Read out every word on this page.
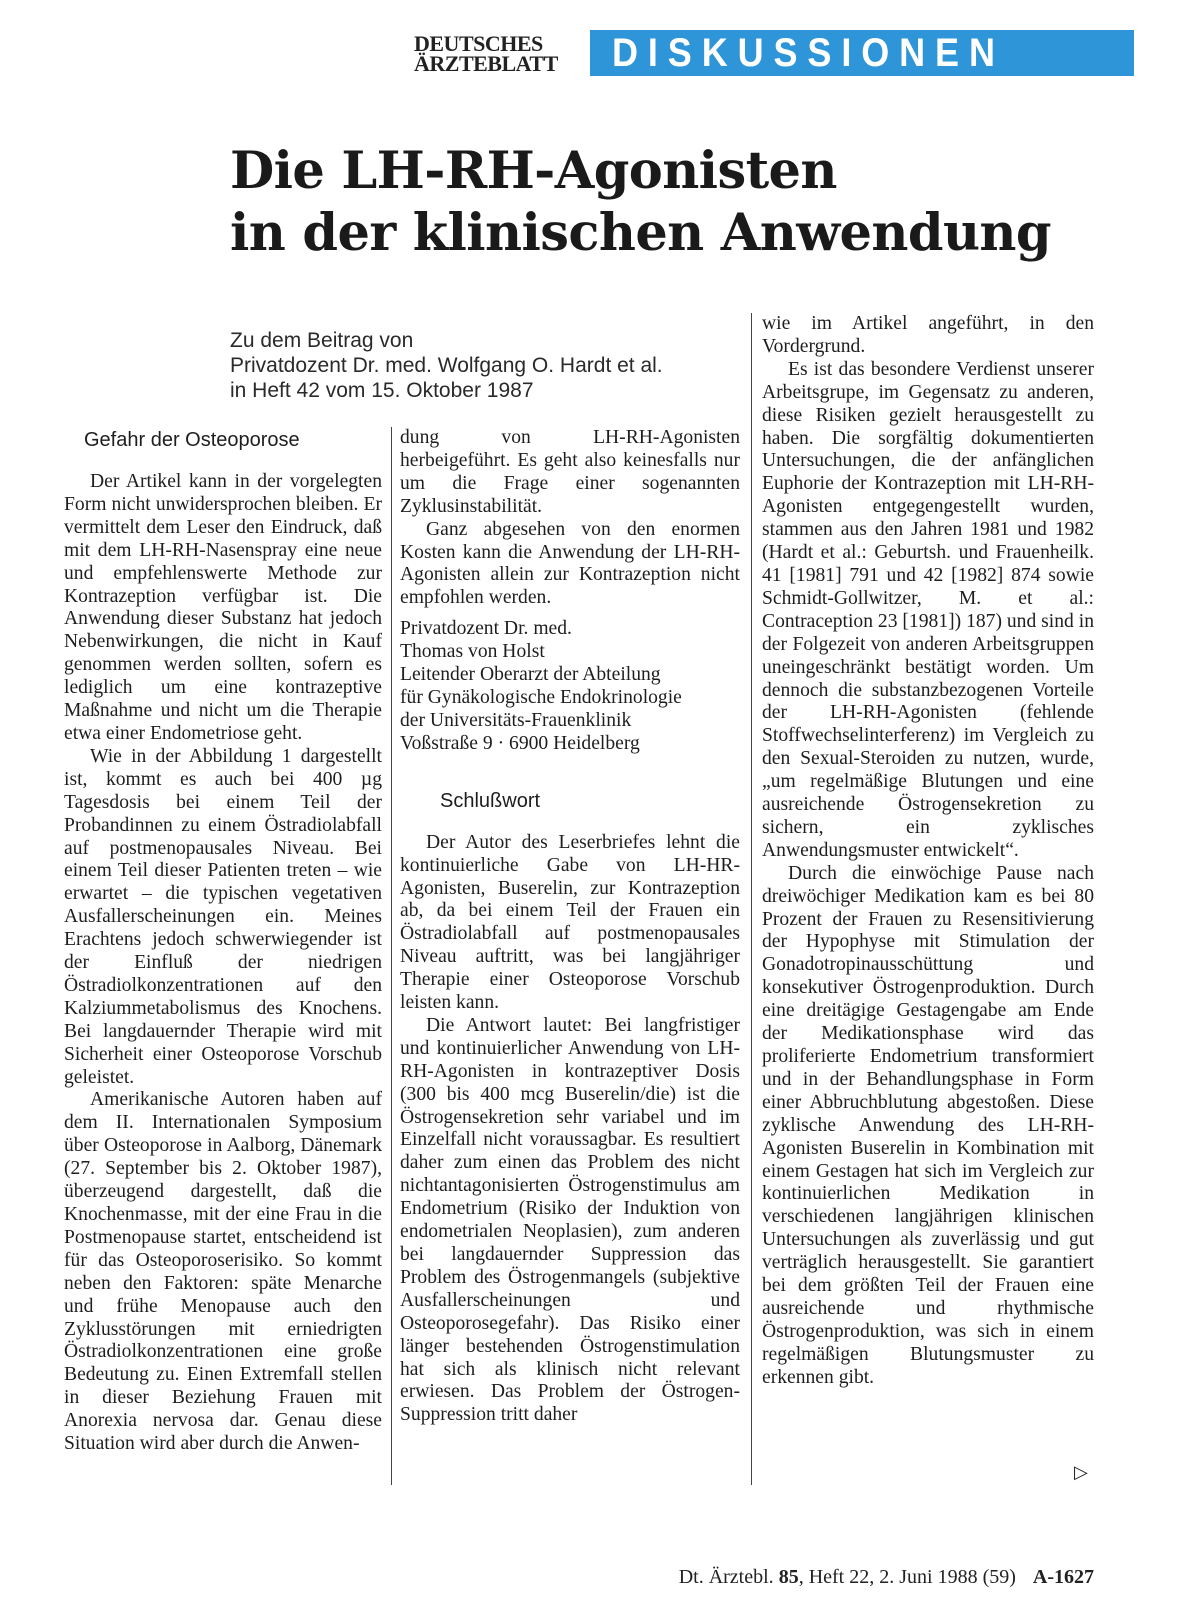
DEUTSCHES
ÄRZTEBLATT	DISKUSSIONEN
Die LH-RH-Agonisten
in der klinischen Anwendung
Zu dem Beitrag von
Privatdozent Dr. med. Wolfgang O. Hardt et al.
in Heft 42 vom 15. Oktober 1987
Gefahr der Osteoporose

Der Artikel kann in der vorgelegten Form nicht unwidersprochen bleiben. Er vermittelt dem Leser den Eindruck, daß mit dem LH-RH-Nasenspray eine neue und empfehlenswerte Methode zur Kontrazeption verfügbar ist. Die Anwendung dieser Substanz hat jedoch Nebenwirkungen, die nicht in Kauf genommen werden sollten, sofern es lediglich um eine kontrazeptive Maßnahme und nicht um die Therapie etwa einer Endometriose geht.

Wie in der Abbildung 1 dargestellt ist, kommt es auch bei 400 µg Tagesdosis bei einem Teil der Probandinnen zu einem Östradiolabfall auf postmenopausales Niveau. Bei einem Teil dieser Patienten treten – wie erwartet – die typischen vegetativen Ausfallerscheinungen ein. Meines Erachtens jedoch schwerwiegender ist der Einfluß der niedrigen Östradiolkonzentrationen auf den Kalziummetabolismus des Knochens. Bei langdauernder Therapie wird mit Sicherheit einer Osteoporose Vorschub geleistet.

Amerikanische Autoren haben auf dem II. Internationalen Symposium über Osteoporose in Aalborg, Dänemark (27. September bis 2. Oktober 1987), überzeugend dargestellt, daß die Knochenmasse, mit der eine Frau in die Postmenopause startet, entscheidend ist für das Osteoporoserisiko. So kommt neben den Faktoren: späte Menarche und frühe Menopause auch den Zyklusstörungen mit erniedrigten Östradiolkonzentrationen eine große Bedeutung zu. Einen Extremfall stellen in dieser Beziehung Frauen mit Anorexia nervosa dar. Genau diese Situation wird aber durch die Anwen-

dung von LH-RH-Agonisten herbeigeführt. Es geht also keinesfalls nur um die Frage einer sogenannten Zyklusinstabilität.

Ganz abgesehen von den enormen Kosten kann die Anwendung der LH-RH-Agonisten allein zur Kontrazeption nicht empfohlen werden.

Privatdozent Dr. med.
Thomas von Holst
Leitender Oberarzt der Abteilung
für Gynäkologische Endokrinologie
der Universitäts-Frauenklinik
Voßstraße 9 · 6900 Heidelberg
Schlußwort

Der Autor des Leserbriefes lehnt die kontinuierliche Gabe von LH-HR-Agonisten, Buserelin, zur Kontrazeption ab, da bei einem Teil der Frauen ein Östradiolabfall auf postmenopausales Niveau auftritt, was bei langjähriger Therapie einer Osteoporose Vorschub leisten kann.

Die Antwort lautet: Bei langfristiger und kontinuierlicher Anwendung von LH-RH-Agonisten in kontrazeptiver Dosis (300 bis 400 mcg Buserelin/die) ist die Östrogensekretion sehr variabel und im Einzelfall nicht voraussagbar. Es resultiert daher zum einen das Problem des nicht nichtantagonisierten Östrogenstimulus am Endometrium (Risiko der Induktion von endometrialen Neoplasien), zum anderen bei langdauernder Suppression das Problem des Östrogenmangels (subjektive Ausfallerscheinungen und Osteoporosegefahr). Das Risiko einer länger bestehenden Östrogenstimulation hat sich als klinisch nicht relevant erwiesen. Das Problem der Östrogen-Suppression tritt daher

wie im Artikel angeführt, in den Vordergrund.

Es ist das besondere Verdienst unserer Arbeitsgrupe, im Gegensatz zu anderen, diese Risiken gezielt herausgestellt zu haben. Die sorgfältig dokumentierten Untersuchungen, die der anfänglichen Euphorie der Kontrazeption mit LH-RH-Agonisten entgegengestellt wurden, stammen aus den Jahren 1981 und 1982 (Hardt et al.: Geburtsh. und Frauenheilk. 41 [1981] 791 und 42 [1982] 874 sowie Schmidt-Gollwitzer, M. et al.: Contraception 23 [1981]) 187) und sind in der Folgezeit von anderen Arbeitsgruppen uneingeschränkt bestätigt worden. Um dennoch die substanzbezogenen Vorteile der LH-RH-Agonisten (fehlende Stoffwechselinterferenz) im Vergleich zu den Sexual-Steroiden zu nutzen, wurde, „um regelmäßige Blutungen und eine ausreichende Östrogensekretion zu sichern, ein zyklisches Anwendungsmuster entwickelt“.

Durch die einwöchige Pause nach dreiwöchiger Medikation kam es bei 80 Prozent der Frauen zu Resensitivierung der Hypophyse mit Stimulation der Gonadotropinausschüttung und konsekutiver Östrogenproduktion. Durch eine dreitägige Gestagengabe am Ende der Medikationsphase wird das proliferierte Endometrium transformiert und in der Behandlungsphase in Form einer Abbruchblutung abgestoßen. Diese zyklische Anwendung des LH-RH-Agonisten Buserelin in Kombination mit einem Gestagen hat sich im Vergleich zur kontinuierlichen Medikation in verschiedenen langjährigen klinischen Untersuchungen als zuverlässig und gut verträglich herausgestellt. Sie garantiert bei dem größten Teil der Frauen eine ausreichende und rhythmische Östrogenproduktion, was sich in einem regelmäßigen Blutungsmuster zu erkennen gibt.

▷
Dt. Ärztebl. 85, Heft 22, 2. Juni 1988 (59) A-1627
